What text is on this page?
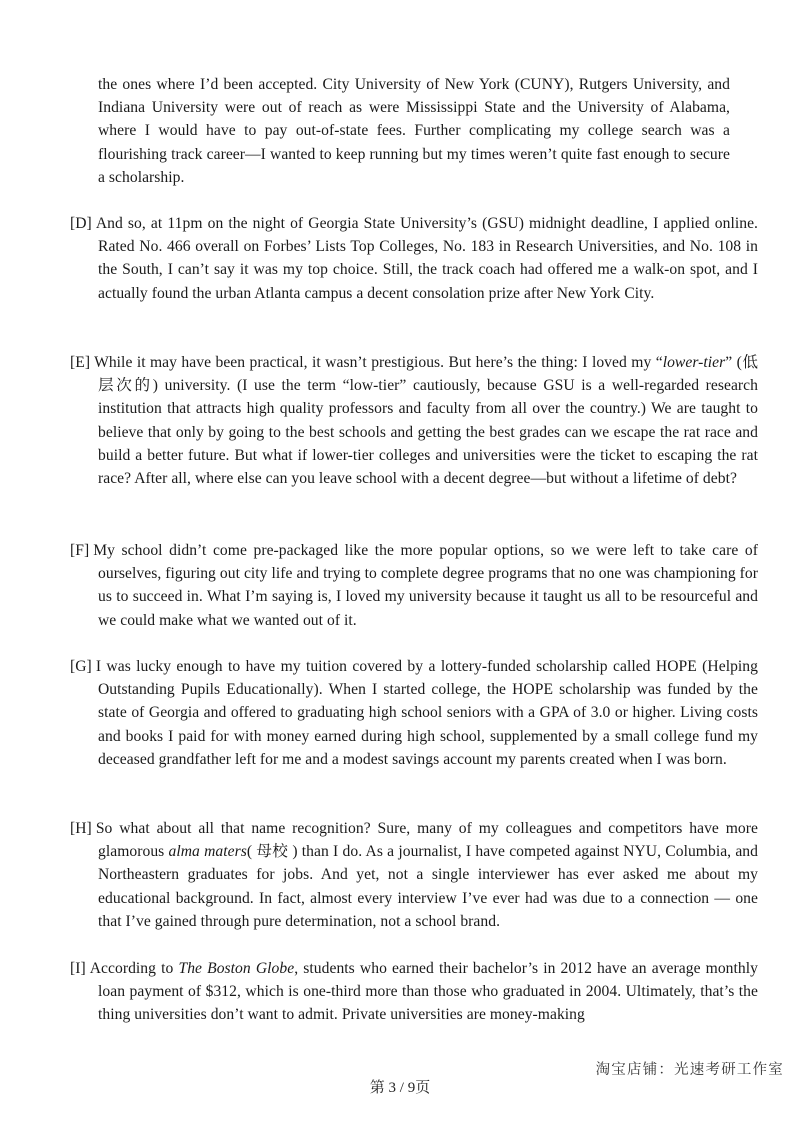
the ones where I’d been accepted. City University of New York (CUNY), Rutgers University, and Indiana University were out of reach as were Mississippi State and the University of Alabama, where I would have to pay out-of-state fees. Further complicating my college search was a flourishing track career—I wanted to keep running but my times weren’t quite fast enough to secure a scholarship.
[D] And so, at 11pm on the night of Georgia State University’s (GSU) midnight deadline, I applied online. Rated No. 466 overall on Forbes’ Lists Top Colleges, No. 183 in Research Universities, and No. 108 in the South, I can’t say it was my top choice. Still, the track coach had offered me a walk-on spot, and I actually found the urban Atlanta campus a decent consolation prize after New York City.
[E] While it may have been practical, it wasn’t prestigious. But here’s the thing: I loved my “lower-tier” (低层次的) university. (I use the term “low-tier” cautiously, because GSU is a well-regarded research institution that attracts high quality professors and faculty from all over the country.) We are taught to believe that only by going to the best schools and getting the best grades can we escape the rat race and build a better future. But what if lower-tier colleges and universities were the ticket to escaping the rat race? After all, where else can you leave school with a decent degree—but without a lifetime of debt?
[F] My school didn’t come pre-packaged like the more popular options, so we were left to take care of ourselves, figuring out city life and trying to complete degree programs that no one was championing for us to succeed in. What I’m saying is, I loved my university because it taught us all to be resourceful and we could make what we wanted out of it.
[G] I was lucky enough to have my tuition covered by a lottery-funded scholarship called HOPE (Helping Outstanding Pupils Educationally). When I started college, the HOPE scholarship was funded by the state of Georgia and offered to graduating high school seniors with a GPA of 3.0 or higher. Living costs and books I paid for with money earned during high school, supplemented by a small college fund my deceased grandfather left for me and a modest savings account my parents created when I was born.
[H] So what about all that name recognition? Sure, many of my colleagues and competitors have more glamorous alma maters( 母校 ) than I do. As a journalist, I have competed against NYU, Columbia, and Northeastern graduates for jobs. And yet, not a single interviewer has ever asked me about my educational background. In fact, almost every interview I’ve ever had was due to a connection — one that I’ve gained through pure determination, not a school brand.
[I] According to The Boston Globe, students who earned their bachelor’s in 2012 have an average monthly loan payment of $312, which is one-third more than those who graduated in 2004. Ultimately, that’s the thing universities don’t want to admit. Private universities are money-making
淘宝店铺：光速考研工作室
第 3 / 9页
